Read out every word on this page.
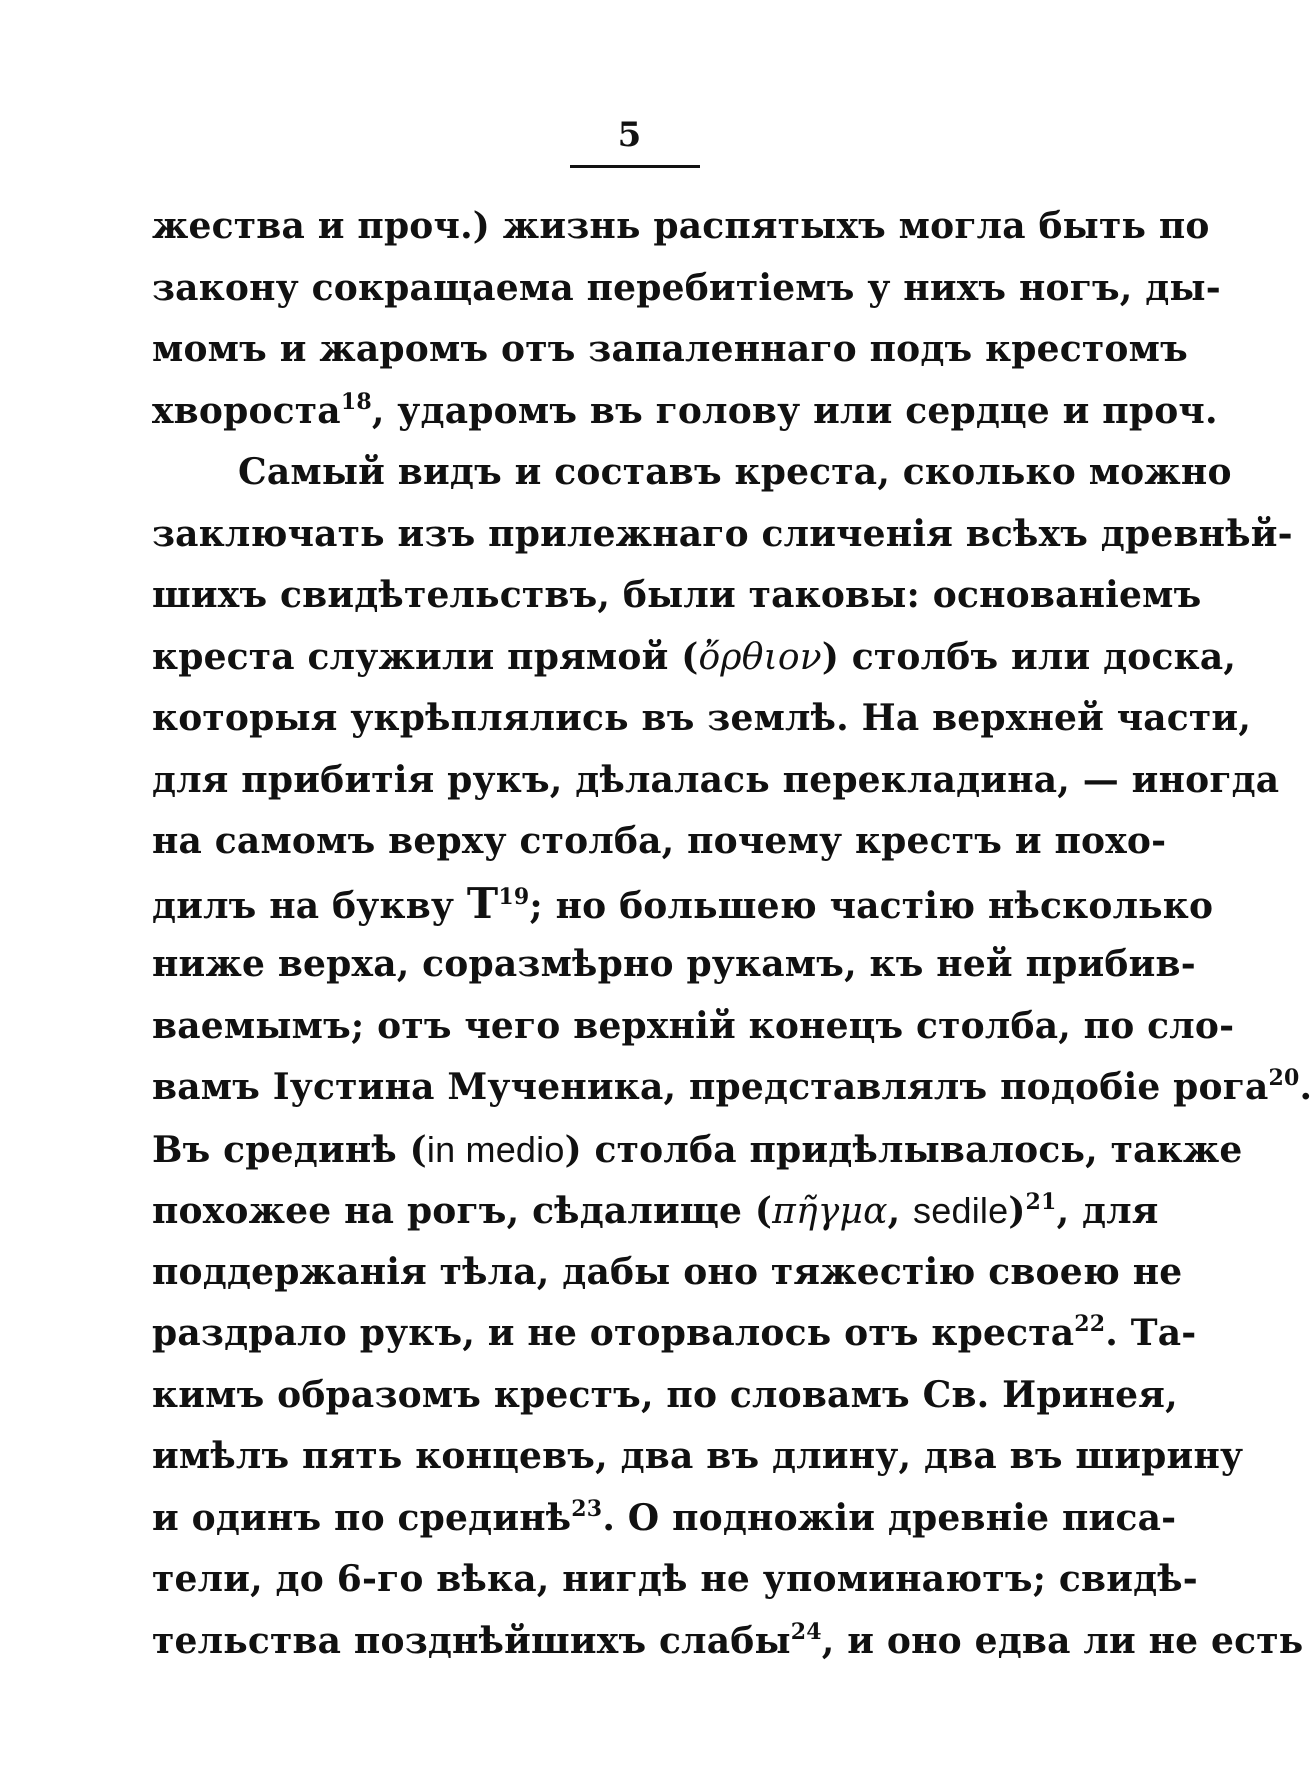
5
жества и проч.) жизнь распятыхъ могла быть по
закону сокращаема перебитіемъ у нихъ ногъ, ды-
момъ и жаромъ отъ запаленнаго подъ крестомъ
хвороста$^{18}$, ударомъ въ голову или сердце и проч.
Самый видъ и составъ креста, сколько можно
заключать изъ прилежнаго сличенія всѣхъ древнѣй-
шихъ свидѣтельствъ, были таковы: основаніемъ
креста служили прямой (ὄρθιον) столбъ или доска,
которыя укрѣплялись въ землѣ. На верхней части,
для прибитія рукъ, дѣлалась перекладина, — иногда
на самомъ верху столба, почему крестъ и похо-
дилъ на букву $Т^{19}$; но большею частію нѣсколько
ниже верха, соразмѣрно рукамъ, къ ней прибив-
ваемымъ; отъ чего верхній конецъ столба, по сло-
вамъ Іустина Мученика, представлялъ подобіе рога$^{20}$.
Въ срединѣ (in medio) столба придѣлывалось, также
похожее на рогъ, сѣдалище (πῆγμα, sedile)$^{21}$, для
поддержанія тѣла, дабы оно тяжестію своею не
раздрало рукъ, и не оторвалось отъ креста$^{22}$. Та-
кимъ образомъ крестъ, по словамъ Св. Иринея,
имѣлъ пять концевъ, два въ длину, два въ ширину
и одинъ по срединѣ$^{23}$. О подножіи древніе писа-
тели, до 6-го вѣка, нигдѣ не упоминаютъ; свидѣ-
тельства позднѣйшихъ слабы$^{24}$, и оно едва ли не есть
